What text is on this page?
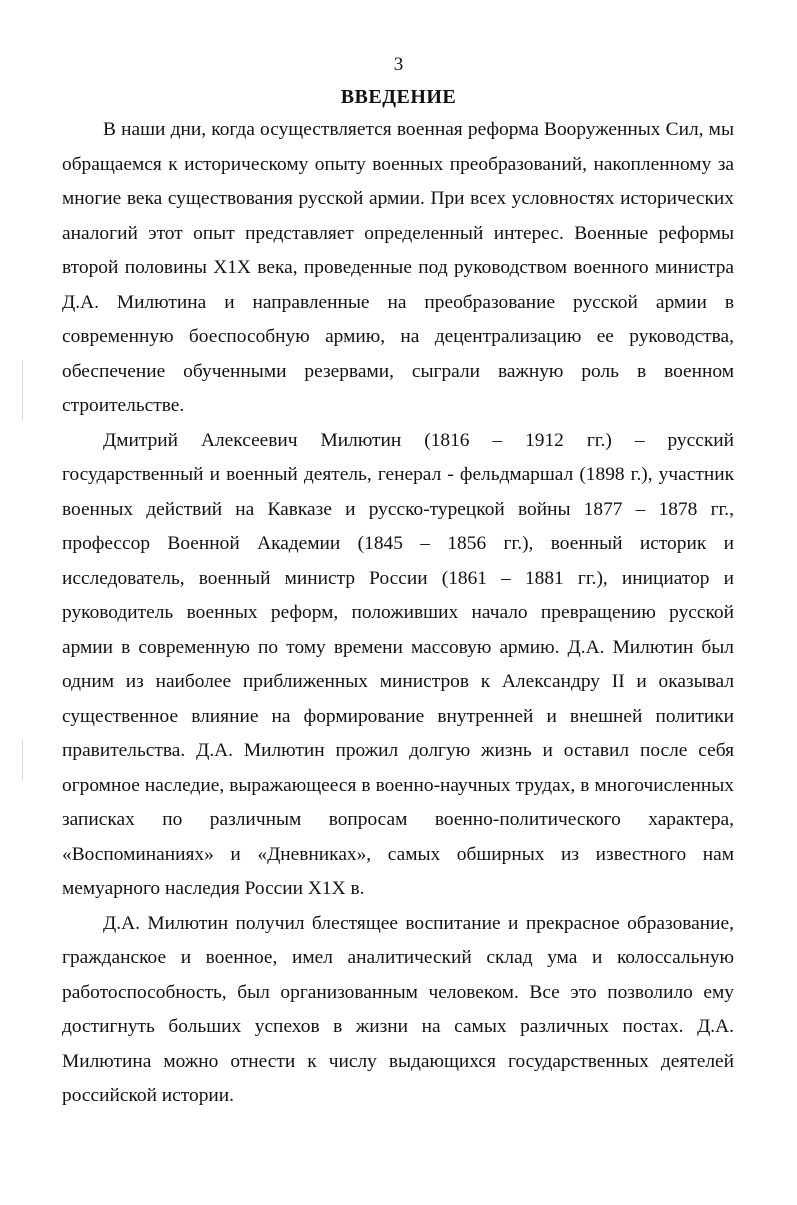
3
ВВЕДЕНИЕ

В наши дни, когда осуществляется военная реформа Вооруженных Сил, мы обращаемся к историческому опыту военных преобразований, накопленному за многие века существования русской армии. При всех условностях исторических аналогий этот опыт представляет определенный интерес. Военные реформы второй половины X1X века, проведенные под руководством военного министра Д.А. Милютина и направленные на преобразование русской армии в современную боеспособную армию, на децентрализацию ее руководства, обеспечение обученными резервами, сыграли важную роль в военном строительстве.

Дмитрий Алексеевич Милютин (1816 – 1912 гг.) – русский государственный и военный деятель, генерал - фельдмаршал (1898 г.), участник военных действий на Кавказе и русско-турецкой войны 1877 – 1878 гг., профессор Военной Академии (1845 – 1856 гг.), военный историк и исследователь, военный министр России (1861 – 1881 гг.), инициатор и руководитель военных реформ, положивших начало превращению русской армии в современную по тому времени массовую армию. Д.А. Милютин был одним из наиболее приближенных министров к Александру II и оказывал существенное влияние на формирование внутренней и внешней политики правительства. Д.А. Милютин прожил долгую жизнь и оставил после себя огромное наследие, выражающееся в военно-научных трудах, в многочисленных записках по различным вопросам военно-политического характера, «Воспоминаниях» и «Дневниках», самых обширных из известного нам мемуарного наследия России X1X в.

Д.А. Милютин получил блестящее воспитание и прекрасное образование, гражданское и военное, имел аналитический склад ума и колоссальную работоспособность, был организованным человеком. Все это позволило ему достигнуть больших успехов в жизни на самых различных постах. Д.А. Милютина можно отнести к числу выдающихся государственных деятелей российской истории.
